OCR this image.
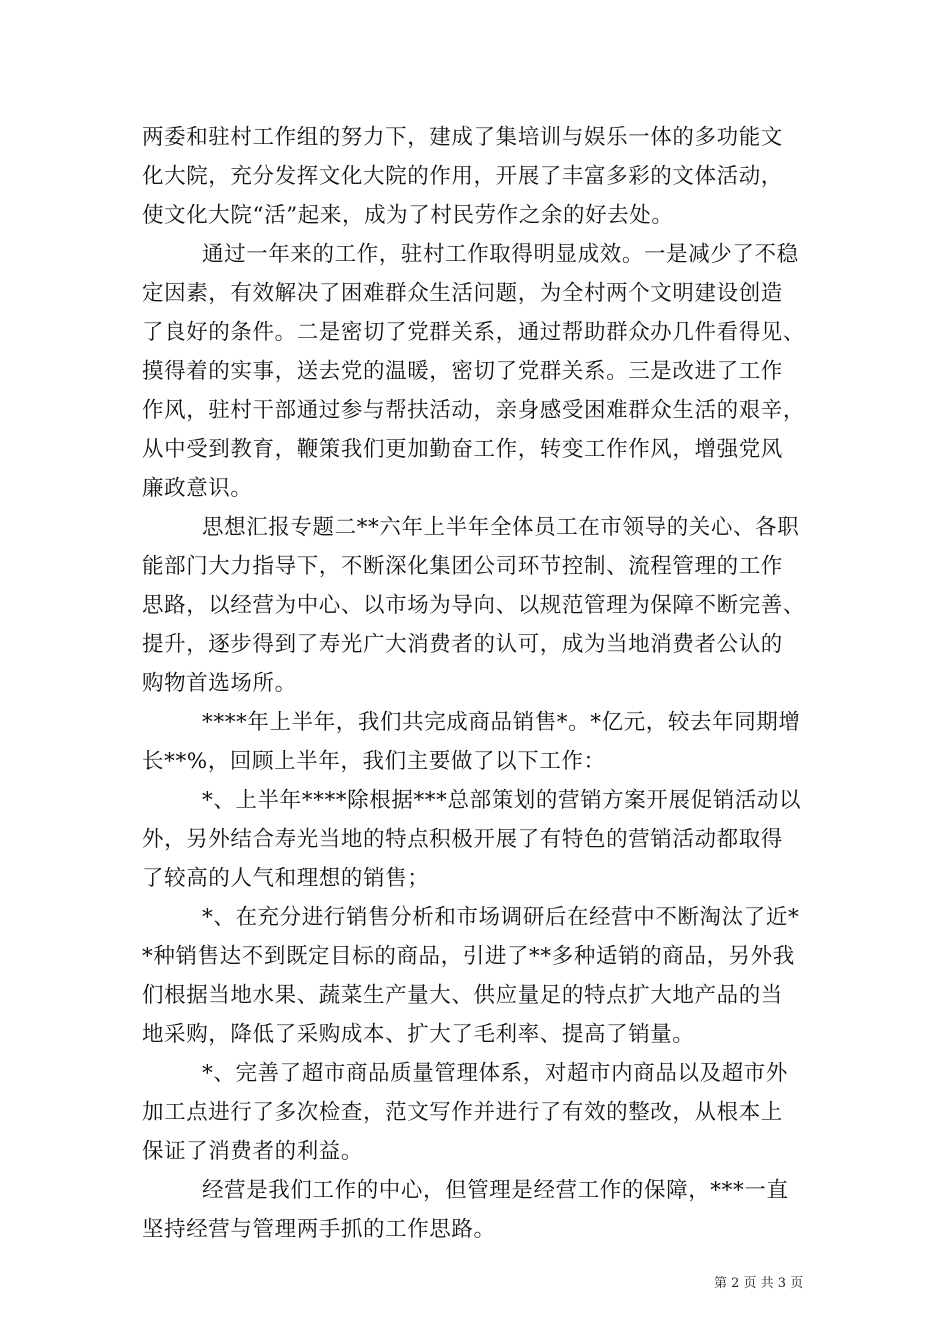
两委和驻村工作组的努力下，建成了集培训与娱乐一体的多功能文
化大院，充分发挥文化大院的作用，开展了丰富多彩的文体活动，
使文化大院“活”起来，成为了村民劳作之余的好去处。
通过一年来的工作，驻村工作取得明显成效。一是减少了不稳
定因素，有效解决了困难群众生活问题，为全村两个文明建设创造
了良好的条件。二是密切了党群关系，通过帮助群众办几件看得见、
摸得着的实事，送去党的温暖，密切了党群关系。三是改进了工作
作风，驻村干部通过参与帮扶活动，亲身感受困难群众生活的艰辛，
从中受到教育，鞭策我们更加勤奋工作，转变工作作风，增强党风
廉政意识。
思想汇报专题二**六年上半年全体员工在市领导的关心、各职
能部门大力指导下，不断深化集团公司环节控制、流程管理的工作
思路，以经营为中心、以市场为导向、以规范管理为保障不断完善、
提升，逐步得到了寿光广大消费者的认可，成为当地消费者公认的
购物首选场所。
****年上半年，我们共完成商品销售*。*亿元，较去年同期增
长**%，回顾上半年，我们主要做了以下工作：
*、上半年****除根据***总部策划的营销方案开展促销活动以
外，另外结合寿光当地的特点积极开展了有特色的营销活动都取得
了较高的人气和理想的销售；
*、在充分进行销售分析和市场调研后在经营中不断淘汰了近*
*种销售达不到既定目标的商品，引进了**多种适销的商品，另外我
们根据当地水果、蔬菜生产量大、供应量足的特点扩大地产品的当
地采购，降低了采购成本、扩大了毛利率、提高了销量。
*、完善了超市商品质量管理体系，对超市内商品以及超市外
加工点进行了多次检查，范文写作并进行了有效的整改，从根本上
保证了消费者的利益。
经营是我们工作的中心，但管理是经营工作的保障，***一直
坚持经营与管理两手抓的工作思路。
第 2 页 共 3 页
